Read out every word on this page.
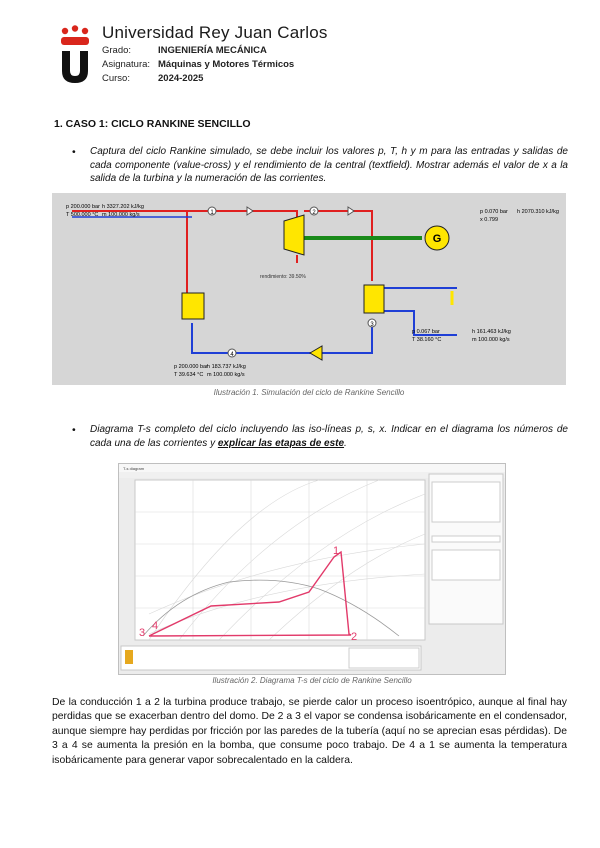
Universidad Rey Juan Carlos
Grado:	INGENIERÍA MECÁNICA
Asignatura: Máquinas y Motores Térmicos
Curso:	2024-2025
1. CASO 1: CICLO RANKINE SENCILLO
• Captura del ciclo Rankine simulado, se debe incluir los valores p, T, h y m para las entradas y salidas de cada componente (value-cross) y el rendimiento de la central (textfield). Mostrar además el valor de x a la salida de la turbina y la numeración de las corrientes.
G
1	2
3
4
rendimiento: 39.50%
p 200.000 bar h 3327.202 kJ/kg
T 500.000 °C m 100.000 kg/s	p 0.070 bar h 2070.310 kJ/kg
x 0.799
p 0.067 bar	h 161.463 kJ/kg
T 38.160 °C	m 100.000 kg/s
p 200.000 bar h 183.737 kJ/kg
T 39.634 °C m 100.000 kg/s
Ilustración 1. Simulación del ciclo de Rankine Sencillo
• Diagrama T-s completo del ciclo incluyendo las iso-líneas p, s, x. Indicar en el diagrama los números de cada una de las corrientes y explicar las etapas de este.
T-s diagram
1
2
3
4
Ilustración 2. Diagrama T-s del ciclo de Rankine Sencillo
De la conducción 1 a 2 la turbina produce trabajo, se pierde calor un proceso isoentrópico, aunque al final hay perdidas que se exacerban dentro del domo. De 2 a 3 el vapor se condensa isobáricamente en el condensador, aunque siempre hay perdidas por fricción por las paredes de la tubería (aquí no se aprecian esas pérdidas). De 3 a 4 se aumenta la presión en la bomba, que consume poco trabajo. De 4 a 1 se aumenta la temperatura isobáricamente para generar vapor sobrecalentado en la caldera.
